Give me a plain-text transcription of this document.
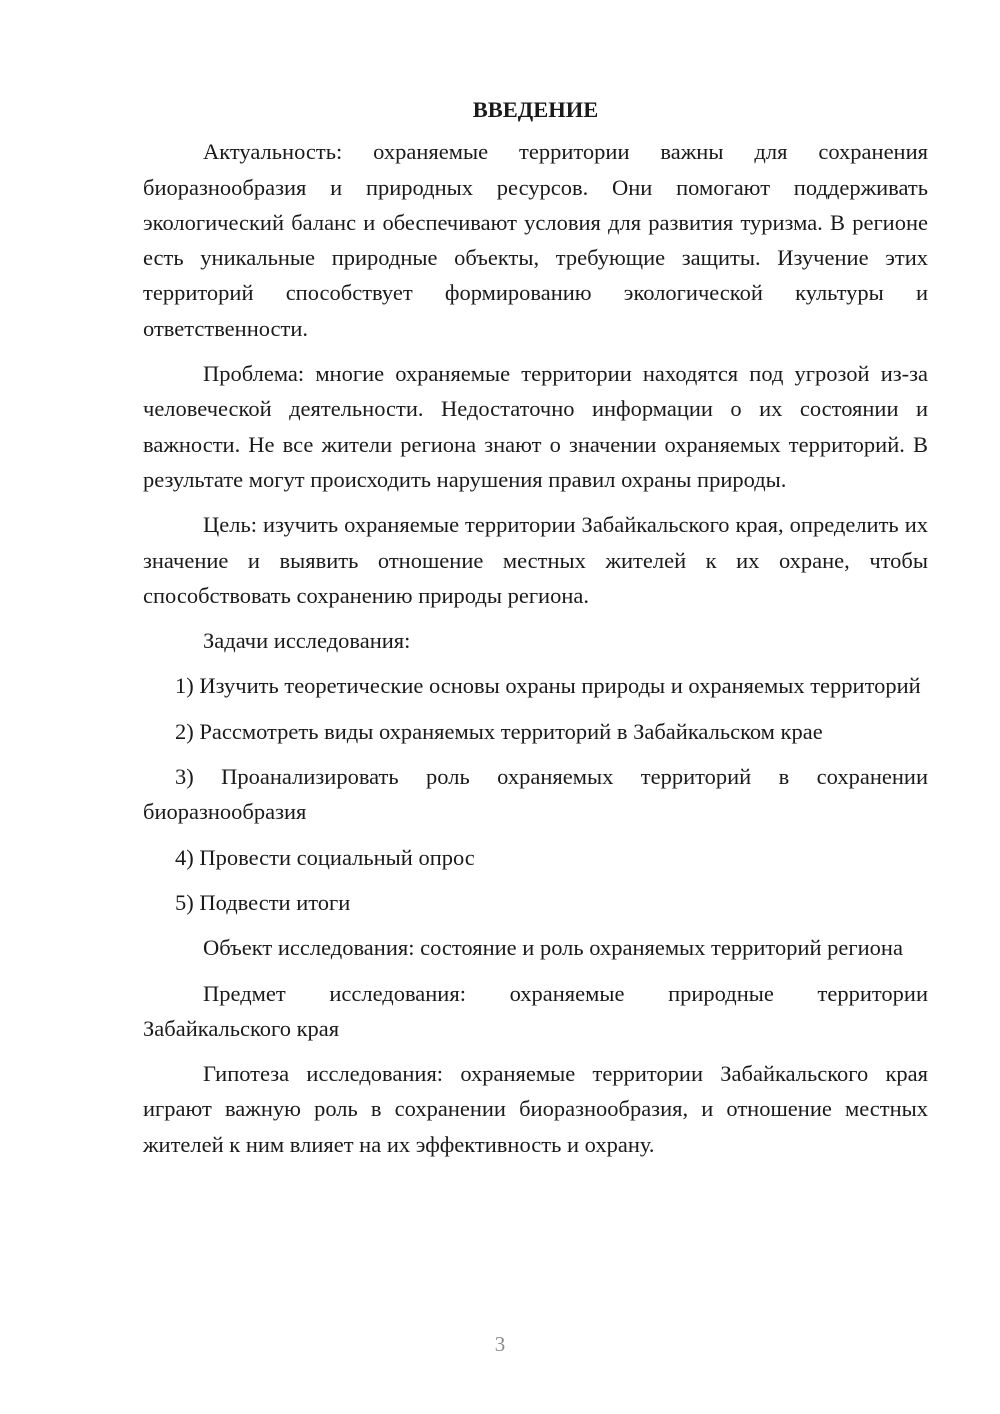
ВВЕДЕНИЕ

Актуальность: охраняемые территории важны для сохранения биоразнообразия и природных ресурсов. Они помогают поддерживать экологический баланс и обеспечивают условия для развития туризма. В регионе есть уникальные природные объекты, требующие защиты. Изучение этих территорий способствует формированию экологической культуры и ответственности.

Проблема: многие охраняемые территории находятся под угрозой из-за человеческой деятельности. Недостаточно информации о их состоянии и важности. Не все жители региона знают о значении охраняемых территорий. В результате могут происходить нарушения правил охраны природы.

Цель: изучить охраняемые территории Забайкальского края, определить их значение и выявить отношение местных жителей к их охране, чтобы способствовать сохранению природы региона.

Задачи исследования:

1) Изучить теоретические основы охраны природы и охраняемых территорий

2) Рассмотреть виды охраняемых территорий в Забайкальском крае

3) Проанализировать роль охраняемых территорий в сохранении биоразнообразия

4) Провести социальный опрос

5) Подвести итоги

Объект исследования: состояние и роль охраняемых территорий региона

Предмет исследования: охраняемые природные территории Забайкальского края

Гипотеза исследования: охраняемые территории Забайкальского края играют важную роль в сохранении биоразнообразия, и отношение местных жителей к ним влияет на их эффективность и охрану.

3
